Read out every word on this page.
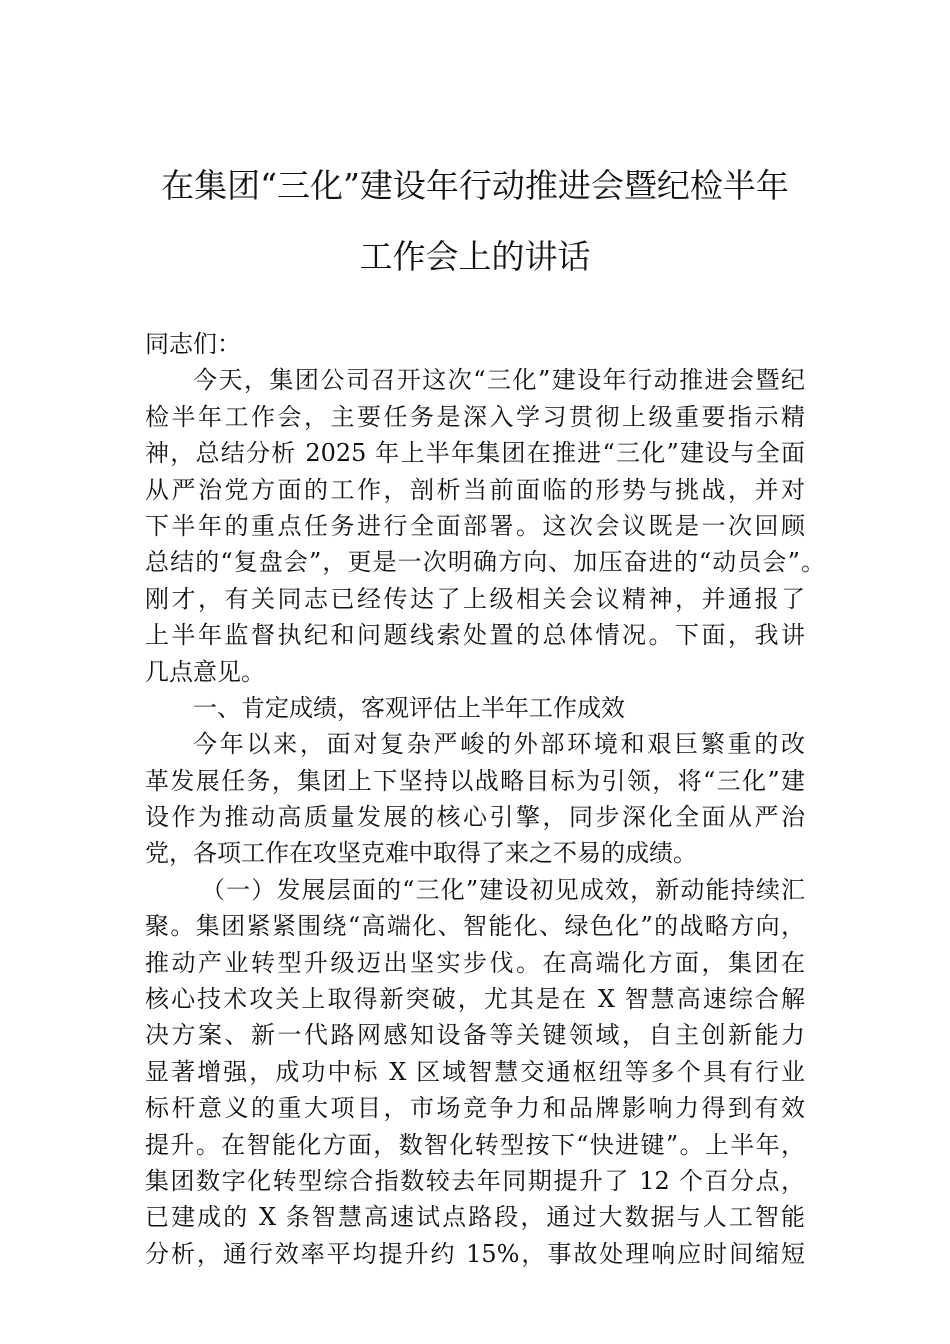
在集团“三化”建设年行动推进会暨纪检半年
工作会上的讲话
同志们：
今天，集团公司召开这次“三化”建设年行动推进会暨纪
检半年工作会，主要任务是深入学习贯彻上级重要指示精
神，总结分析 2025 年上半年集团在推进“三化”建设与全面
从严治党方面的工作，剖析当前面临的形势与挑战，并对
下半年的重点任务进行全面部署。这次会议既是一次回顾
总结的“复盘会”，更是一次明确方向、加压奋进的“动员会”。
刚才，有关同志已经传达了上级相关会议精神，并通报了
上半年监督执纪和问题线索处置的总体情况。下面，我讲
几点意见。
一、肯定成绩，客观评估上半年工作成效
今年以来，面对复杂严峻的外部环境和艰巨繁重的改
革发展任务，集团上下坚持以战略目标为引领，将“三化”建
设作为推动高质量发展的核心引擎，同步深化全面从严治
党，各项工作在攻坚克难中取得了来之不易的成绩。
（一）发展层面的“三化”建设初见成效，新动能持续汇
聚。集团紧紧围绕“高端化、智能化、绿色化”的战略方向，
推动产业转型升级迈出坚实步伐。在高端化方面，集团在
核心技术攻关上取得新突破，尤其是在 X 智慧高速综合解
决方案、新一代路网感知设备等关键领域，自主创新能力
显著增强，成功中标 X 区域智慧交通枢纽等多个具有行业
标杆意义的重大项目，市场竞争力和品牌影响力得到有效
提升。在智能化方面，数智化转型按下“快进键”。上半年，
集团数字化转型综合指数较去年同期提升了 12 个百分点，
已建成的 X 条智慧高速试点路段，通过大数据与人工智能
分析，通行效率平均提升约 15%，事故处理响应时间缩短
